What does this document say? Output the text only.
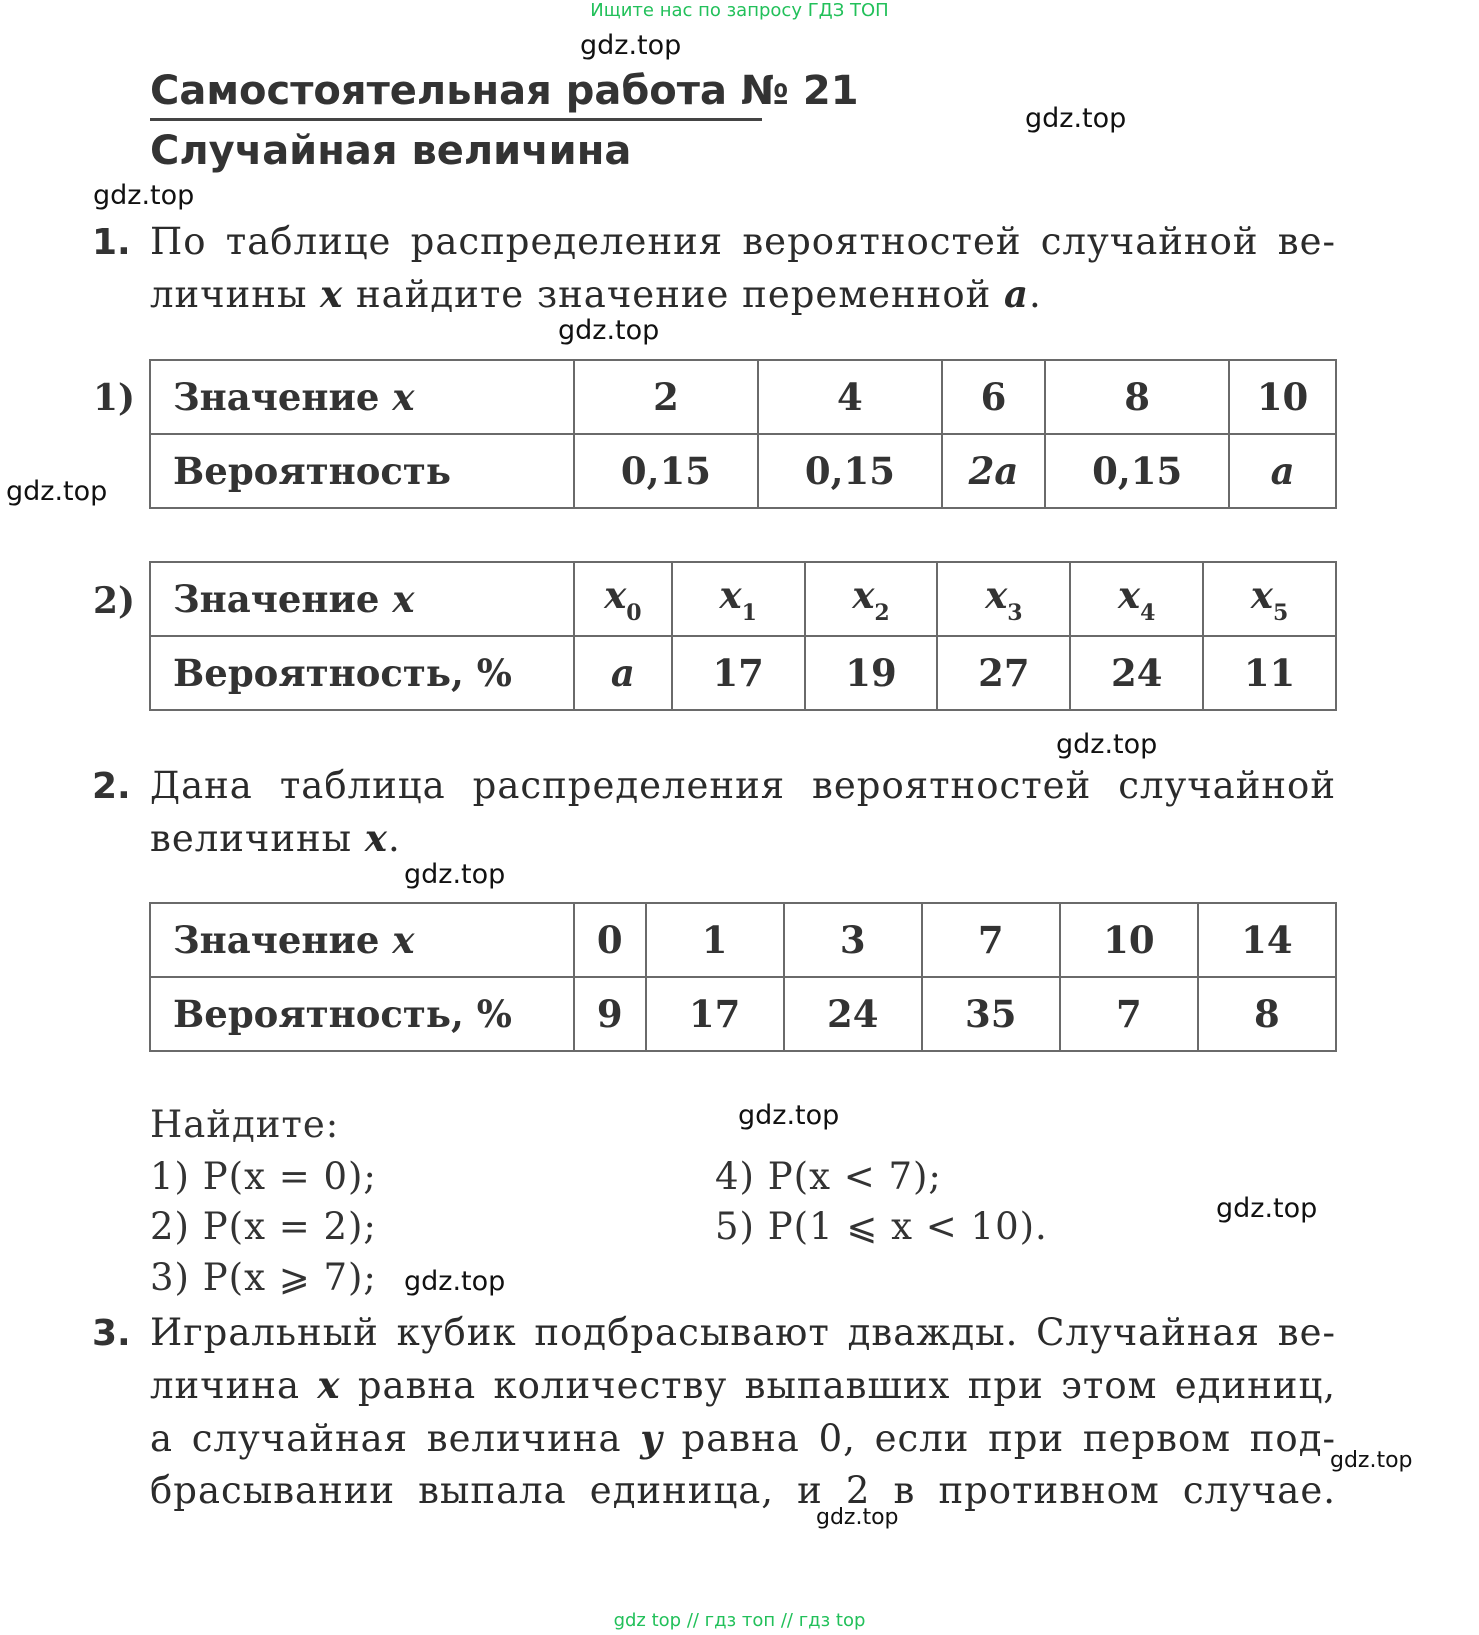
Ищите нас по запросу ГДЗ ТОП
gdz.top
gdz.top
gdz.top
gdz.top
gdz.top
gdz.top
gdz.top
gdz.top
gdz.top
gdz.top
gdz.top
gdz.top
Самостоятельная работа № 21
Случайная величина
1. По таблице распределения вероятностей случайной ве-
личины x найдите значение переменной a.
1) Значение x	2	4	6	8	10
Вероятность	0,15	0,15	2a	0,15	a
2) Значение x	$x_0$	$x_1$	$x_2$	$x_3$	$x_4$	$x_5$
Вероятность, %	a	17	19	27	24	11
2. Дана таблица распределения вероятностей случайной
величины x.
Значение x	0	1	3	7	10	14
Вероятность, %	9	17	24	35	7	8
Найдите:
1) P(x = 0);
2) P(x = 2);
3) P(x ⩾ 7);
4) P(x < 7);
5) P(1 ⩽ x < 10).
3. Игральный кубик подбрасывают дважды. Случайная ве-
личина x равна количеству выпавших при этом единиц,
а случайная величина y равна 0, если при первом под-
брасывании выпала единица, и 2 в противном случае.
gdz top // гдз топ // гдз top
